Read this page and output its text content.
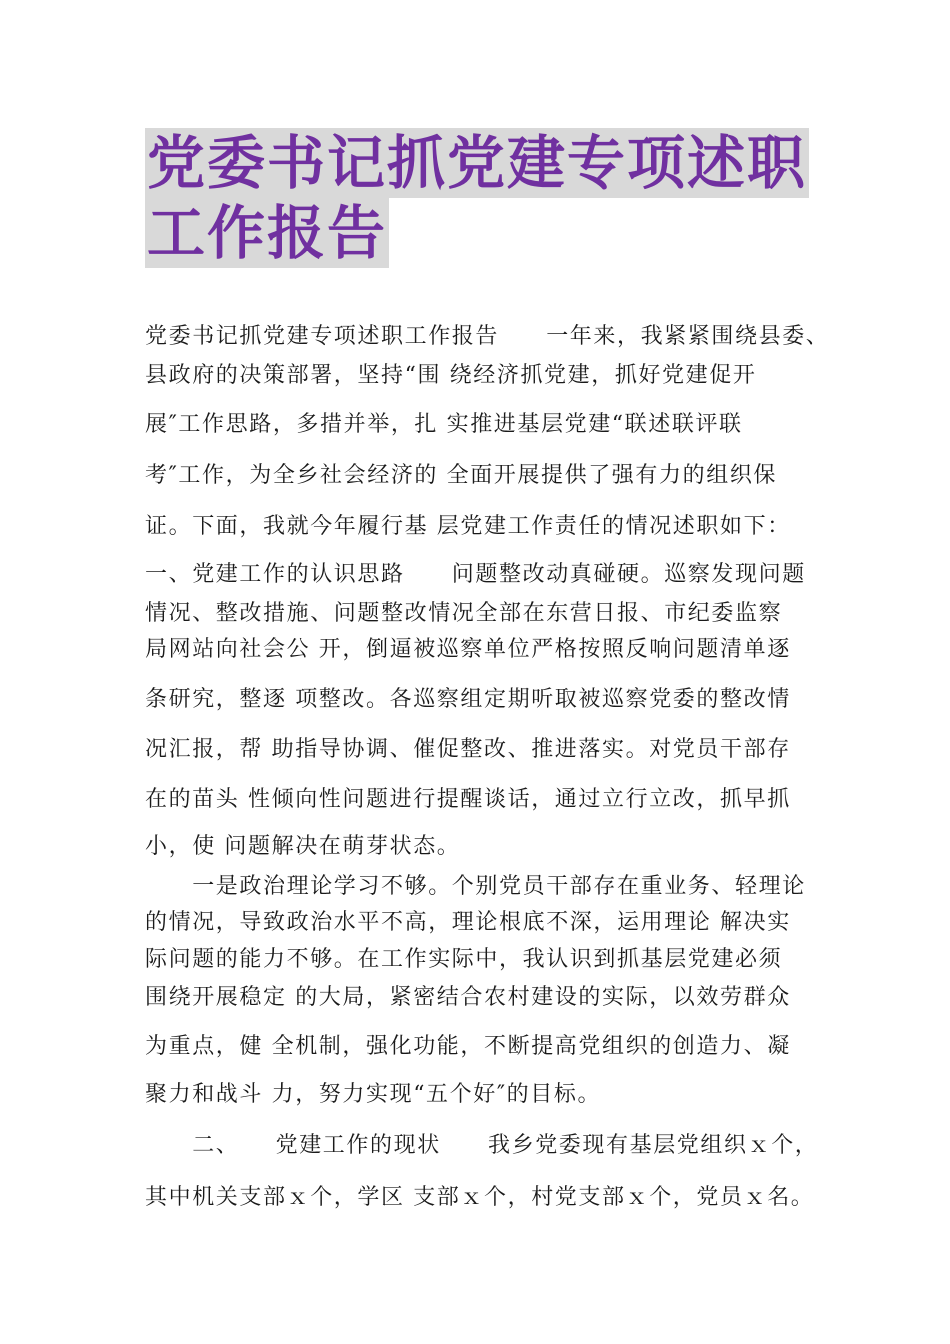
党委书记抓党建专项述职
工作报告
党委书记抓党建专项述职工作报告　　一年来，我紧紧围绕县委、
县政府的决策部署，坚持“围 绕经济抓党建，抓好党建促开
展″工作思路，多措并举，扎 实推进基层党建“联述联评联
考″工作，为全乡社会经济的 全面开展提供了强有力的组织保
证。下面，我就今年履行基 层党建工作责任的情况述职如下：
一、党建工作的认识思路　　问题整改动真碰硬。巡察发现问题
情况、整改措施、问题整改情况全部在东营日报、市纪委监察
局网站向社会公 开，倒逼被巡察单位严格按照反响问题清单逐
条研究，整逐 项整改。各巡察组定期听取被巡察党委的整改情
况汇报，帮 助指导协调、催促整改、推进落实。对党员干部存
在的苗头 性倾向性问题进行提醒谈话，通过立行立改，抓早抓
小，使 问题解决在萌芽状态。
　　一是政治理论学习不够。个别党员干部存在重业务、轻理论
的情况，导致政治水平不高，理论根底不深，运用理论 解决实
际问题的能力不够。在工作实际中，我认识到抓基层党建必须
围绕开展稳定 的大局，紧密结合农村建设的实际，以效劳群众
为重点，健 全机制，强化功能，不断提高党组织的创造力、凝
聚力和战斗 力，努力实现“五个好″的目标。
　　二、　　党建工作的现状　　我乡党委现有基层党组织ｘ个，
其中机关支部ｘ个，学区 支部ｘ个，村党支部ｘ个，党员ｘ名。
